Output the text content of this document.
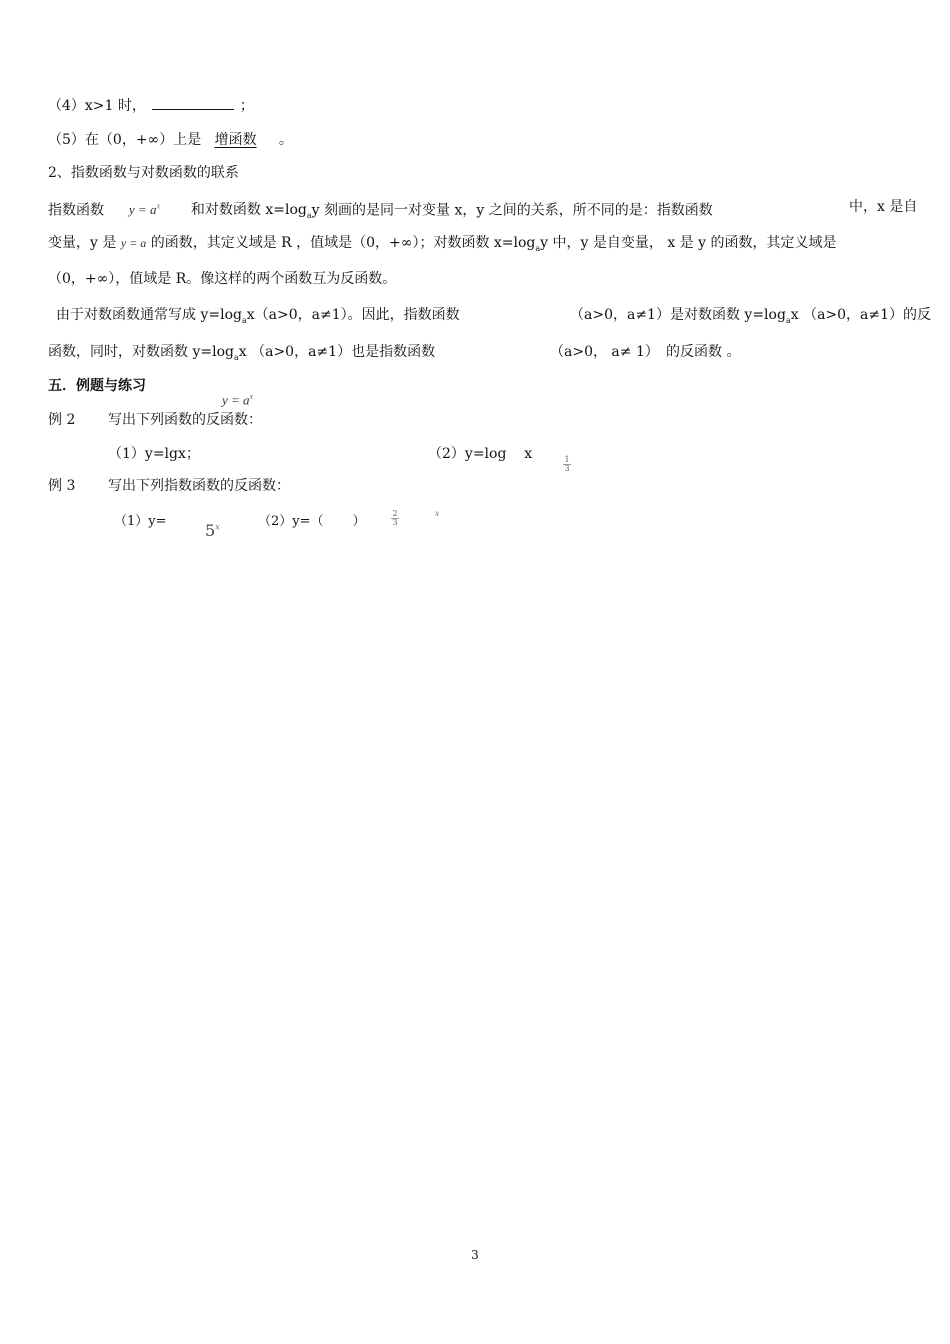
（4）x>1 时，	；
（5）在（0，+∞）上是 增函数 。
2、指数函数与对数函数的联系
指数函数 $y = a^x$ 和对数函数 $x=\log_ay$ 刻画的是同一对变量 x，y 之间的关系，所不同的是：指数函数	中，x 是自
变量，y 是 y = a 的函数，其定义域是 R ，值域是（0，+∞）；对数函数 $x=\log_ay$ 中，y 是自变量， x 是 y 的函数，其定义域是
（0，+∞），值域是 R。像这样的两个函数互为反函数。
由于对数函数通常写成 $y=\log_ax(a>0$，a≠1）。因此，指数函数	（a>0，a≠1）是对数函数 $y=\log_ax$ （a>0，a≠1）的反
函数，同时，对数函数 $y=\log_ax$ （a>0，a≠1）也是指数函数	（a>0， a≠ 1） 的反函数 。
五．例题与练习
$y = a^x$
例 2 写出下列函数的反函数：
（1）y=lgx；	（2）y=log x	1
3
例 3 写出下列指数函数的反函数：
$(1)y= 5^x$	（2）y=（ ）
2
3
x
3
